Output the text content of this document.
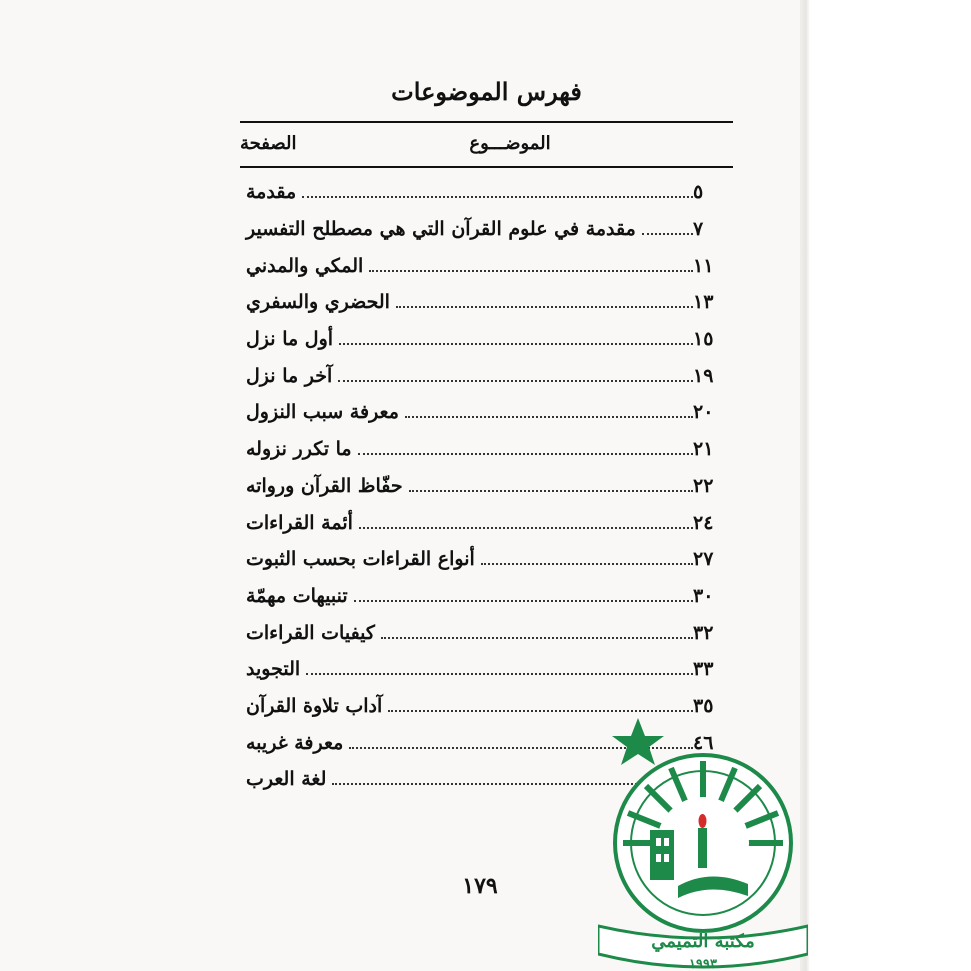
فهرس الموضوعات
الصفحة	الموضـــوع
مقدمة	٥
مقدمة في علوم القرآن التي هي مصطلح التفسير	٧
المكي والمدني	١١
الحضري والسفري	١٣
أول ما نزل	١٥
آخر ما نزل	١٩
معرفة سبب النزول	٢٠
ما تكرر نزوله	٢١
حفّاظ القرآن ورواته	٢٢
أئمة القراءات	٢٤
أنواع القراءات بحسب الثبوت	٢٧
تنبيهات مهمّة	٣٠
كيفيات القراءات	٣٢
التجويد	٣٣
آداب تلاوة القرآن	٣٥
معرفة غريبه	٤٦
لغة العرب
١٧٩
مكتبة التميمي
١٩٩٣
